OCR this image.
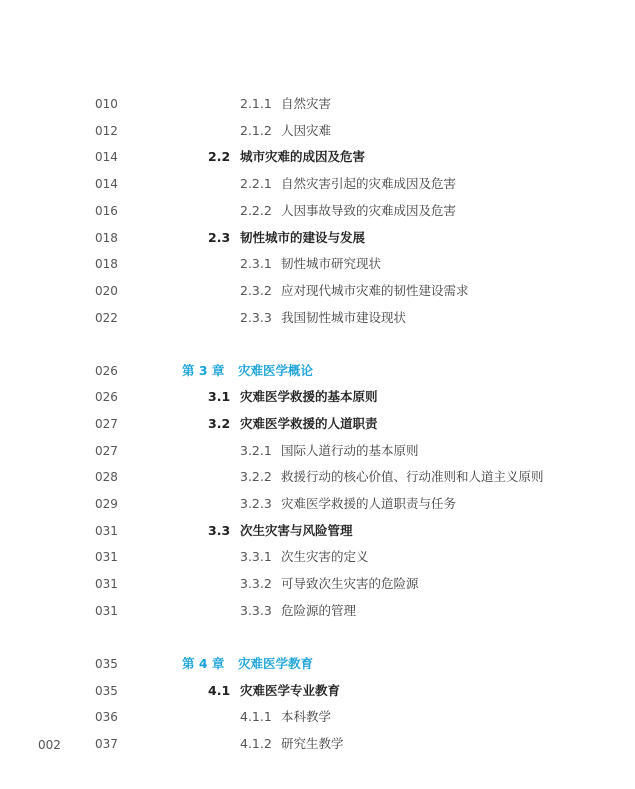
010	2.1.1 自然灾害
012	2.1.2 人因灾难
014	2.2 城市灾难的成因及危害
014	2.2.1 自然灾害引起的灾难成因及危害
016	2.2.2 人因事故导致的灾难成因及危害
018	2.3 韧性城市的建设与发展
018	2.3.1 韧性城市研究现状
020	2.3.2 应对现代城市灾难的韧性建设需求
022	2.3.3 我国韧性城市建设现状
026	第 3 章 灾难医学概论
026	3.1 灾难医学救援的基本原则
027	3.2 灾难医学救援的人道职责
027	3.2.1 国际人道行动的基本原则
028	3.2.2 救援行动的核心价值、行动准则和人道主义原则
029	3.2.3 灾难医学救援的人道职责与任务
031	3.3 次生灾害与风险管理
031	3.3.1 次生灾害的定义
031	3.3.2 可导致次生灾害的危险源
031	3.3.3 危险源的管理
035	第 4 章 灾难医学教育
035	4.1 灾难医学专业教育
036	4.1.1 本科教学
037	4.1.2 研究生教学
002
